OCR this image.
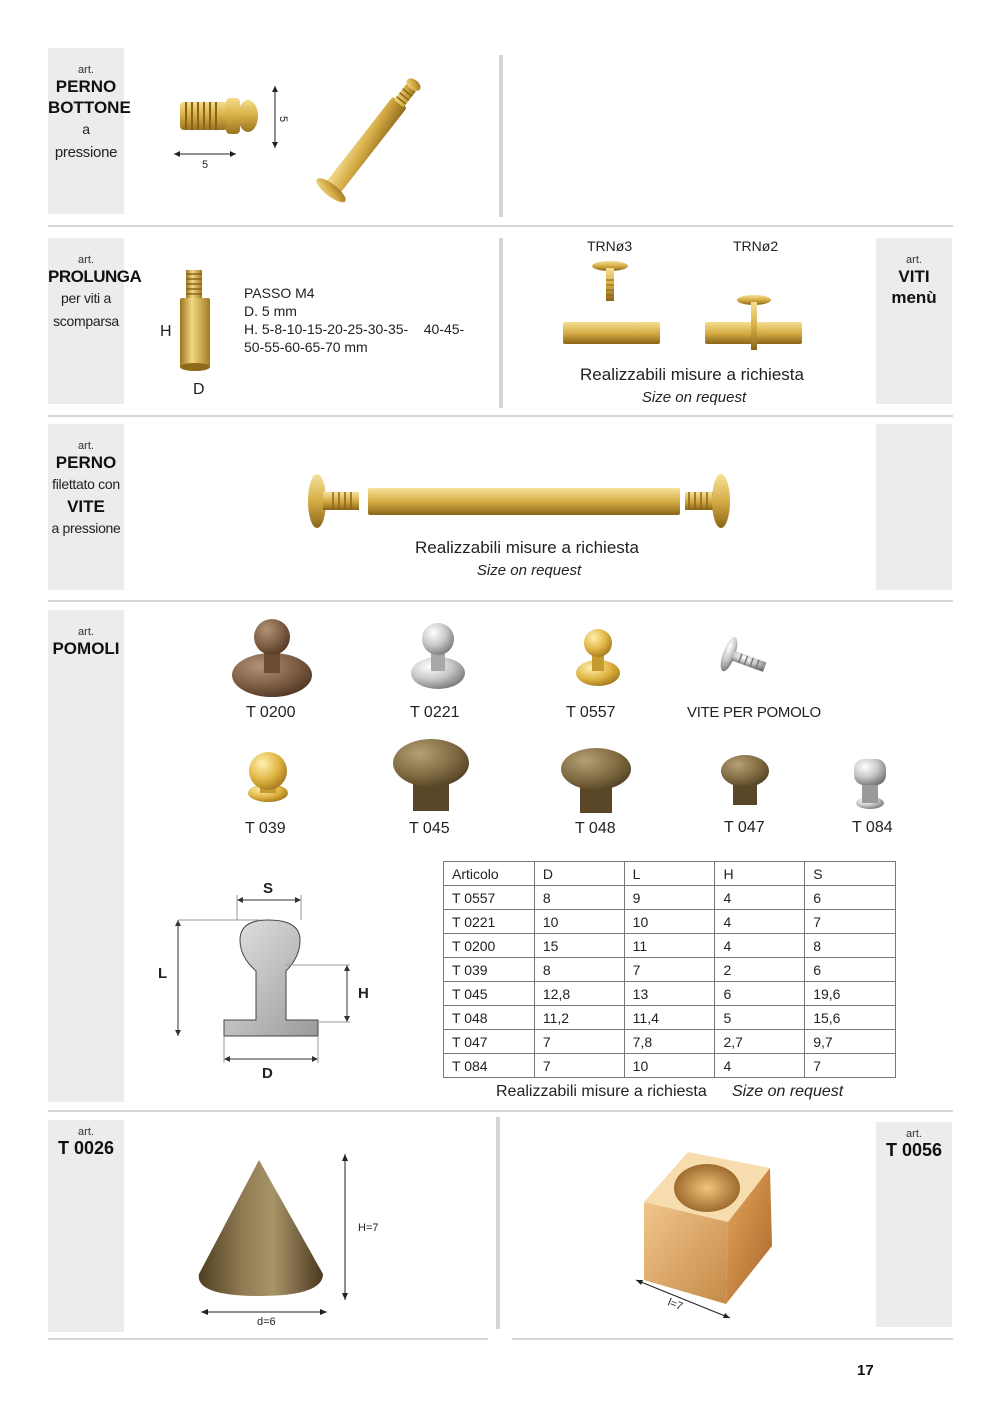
art.
PERNO
BOTTONE
a
pressione
5
5
art.
PROLUNGA
per viti a
scomparsa
H
D
PASSO M4
D. 5 mm
H. 5-8-10-15-20-25-30-35-    40-45-
50-55-60-65-70 mm
TRNø3	TRNø2
Realizzabili misure a richiesta
Size on request
art.
VITI
menù
art.
PERNO
filettato con
VITE
a pressione
Realizzabili misure a richiesta
Size on request
art.
POMOLI
T 0200	T 0221	T 0557	VITE PER POMOLO
T 039	T 045	T 048	T 047	T 084
S
L
H
D
Articolo	D	L	H	S
T 0557	8	9	4	6
T 0221	10	10	4	7
T 0200	15	11	4	8
T 039	8	7	2	6
T 045	12,8	13	6	19,6
T 048	11,2	11,4	5	15,6
T 047	7	7,8	2,7	9,7
T 084	7	10	4	7
Realizzabili misure a richiesta Size on request
art.
T 0026
H=7
d=6
l=7
art.
T 0056
17
